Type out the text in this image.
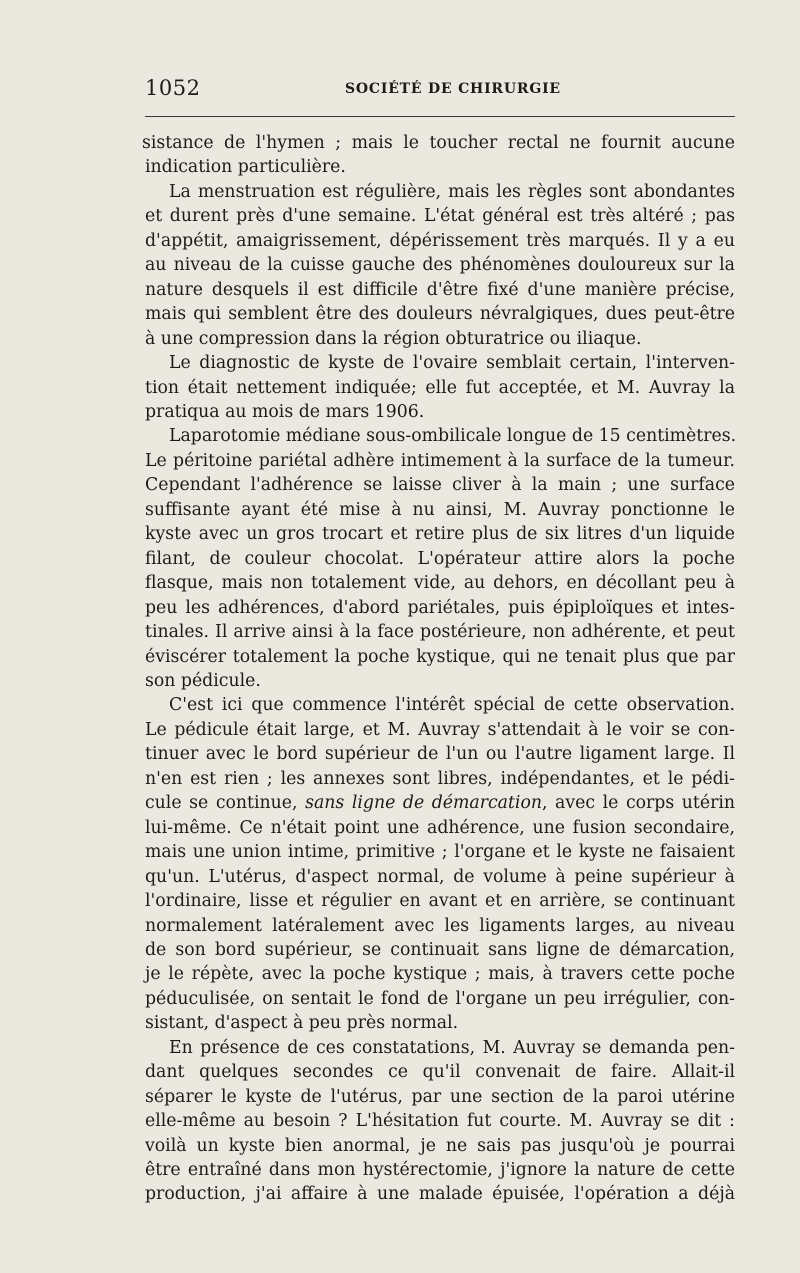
1052	SOCIÉTÉ DE CHIRURGIE
sistance de l'hymen ; mais le toucher rectal ne fournit aucune
indication particulière.
La menstruation est régulière, mais les règles sont abondantes
et durent près d'une semaine. L'état général est très altéré ; pas
d'appétit, amaigrissement, dépérissement très marqués. Il y a eu
au niveau de la cuisse gauche des phénomènes douloureux sur la
nature desquels il est difficile d'être fixé d'une manière précise,
mais qui semblent être des douleurs névralgiques, dues peut-être
à une compression dans la région obturatrice ou iliaque.
Le diagnostic de kyste de l'ovaire semblait certain, l'interven-
tion était nettement indiquée; elle fut acceptée, et M. Auvray la
pratiqua au mois de mars 1906.
Laparotomie médiane sous-ombilicale longue de 15 centimètres.
Le péritoine pariétal adhère intimement à la surface de la tumeur.
Cependant l'adhérence se laisse cliver à la main ; une surface
suffisante ayant été mise à nu ainsi, M. Auvray ponctionne le
kyste avec un gros trocart et retire plus de six litres d'un liquide
filant, de couleur chocolat. L'opérateur attire alors la poche
flasque, mais non totalement vide, au dehors, en décollant peu à
peu les adhérences, d'abord pariétales, puis épiploïques et intes-
tinales. Il arrive ainsi à la face postérieure, non adhérente, et peut
éviscérer totalement la poche kystique, qui ne tenait plus que par
son pédicule.
C'est ici que commence l'intérêt spécial de cette observation.
Le pédicule était large, et M. Auvray s'attendait à le voir se con-
tinuer avec le bord supérieur de l'un ou l'autre ligament large. Il
n'en est rien ; les annexes sont libres, indépendantes, et le pédi-
cule se continue, sans ligne de démarcation, avec le corps utérin
lui-même. Ce n'était point une adhérence, une fusion secondaire,
mais une union intime, primitive ; l'organe et le kyste ne faisaient
qu'un. L'utérus, d'aspect normal, de volume à peine supérieur à
l'ordinaire, lisse et régulier en avant et en arrière, se continuant
normalement latéralement avec les ligaments larges, au niveau
de son bord supérieur, se continuait sans ligne de démarcation,
je le répète, avec la poche kystique ; mais, à travers cette poche
péduculisée, on sentait le fond de l'organe un peu irrégulier, con-
sistant, d'aspect à peu près normal.
En présence de ces constatations, M. Auvray se demanda pen-
dant quelques secondes ce qu'il convenait de faire. Allait-il
séparer le kyste de l'utérus, par une section de la paroi utérine
elle-même au besoin ? L'hésitation fut courte. M. Auvray se dit :
voilà un kyste bien anormal, je ne sais pas jusqu'où je pourrai
être entraîné dans mon hystérectomie, j'ignore la nature de cette
production, j'ai affaire à une malade épuisée, l'opération a déjà
